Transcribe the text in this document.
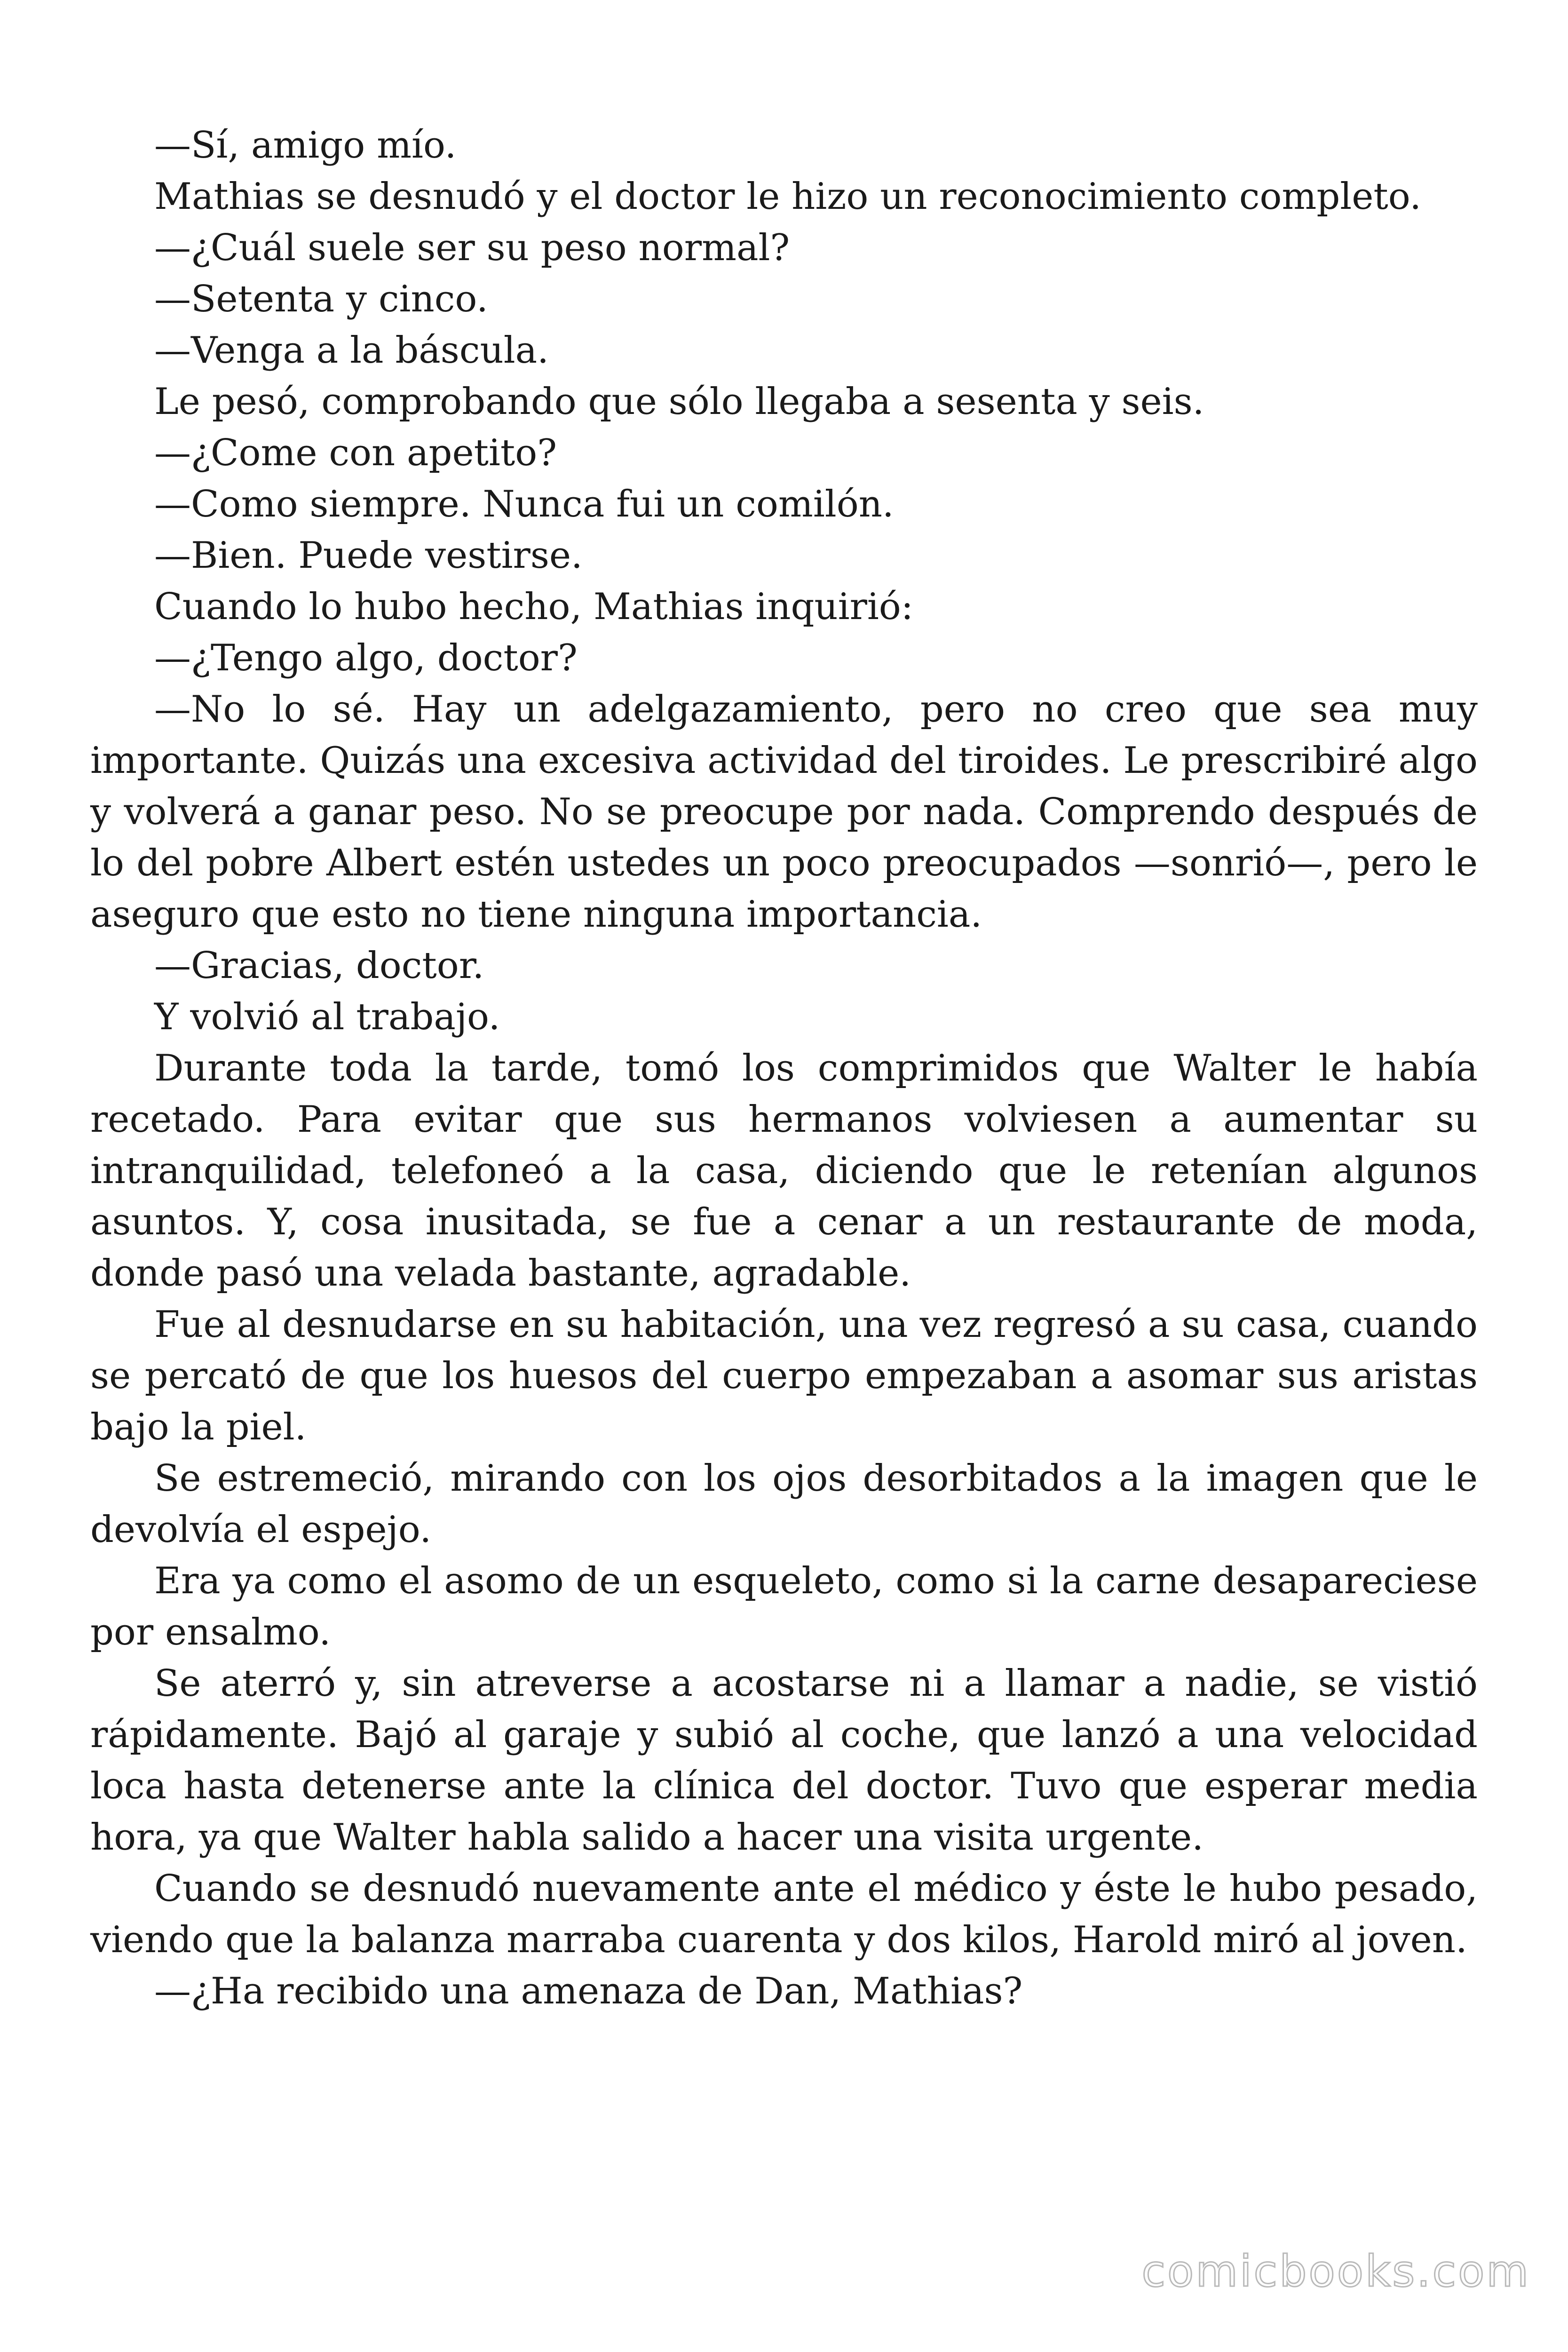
—Sí, amigo mío.

Mathias se desnudó y el doctor le hizo un reconocimiento completo.

—¿Cuál suele ser su peso normal?

—Setenta y cinco.

—Venga a la báscula.

Le pesó, comprobando que sólo llegaba a sesenta y seis.

—¿Come con apetito?

—Como siempre. Nunca fui un comilón.

—Bien. Puede vestirse.

Cuando lo hubo hecho, Mathias inquirió:

—¿Tengo algo, doctor?

—No lo sé. Hay un adelgazamiento, pero no creo que sea muy importante. Quizás una excesiva actividad del tiroides. Le prescribiré algo y volverá a ganar peso. No se preocupe por nada. Comprendo después de lo del pobre Albert estén ustedes un poco preocupados —sonrió—, pero le aseguro que esto no tiene ninguna importancia.

—Gracias, doctor.

Y volvió al trabajo.

Durante toda la tarde, tomó los comprimidos que Walter le había recetado. Para evitar que sus hermanos volviesen a aumentar su intranquilidad, telefoneó a la casa, diciendo que le retenían algunos asuntos. Y, cosa inusitada, se fue a cenar a un restaurante de moda, donde pasó una velada bastante, agradable.

Fue al desnudarse en su habitación, una vez regresó a su casa, cuando se percató de que los huesos del cuerpo empezaban a asomar sus aristas bajo la piel.

Se estremeció, mirando con los ojos desorbitados a la imagen que le devolvía el espejo.

Era ya como el asomo de un esqueleto, como si la carne desapareciese por ensalmo.

Se aterró y, sin atreverse a acostarse ni a llamar a nadie, se vistió rápidamente. Bajó al garaje y subió al coche, que lanzó a una velocidad loca hasta detenerse ante la clínica del doctor. Tuvo que esperar media hora, ya que Walter habla salido a hacer una visita urgente.

Cuando se desnudó nuevamente ante el médico y éste le hubo pesado, viendo que la balanza marraba cuarenta y dos kilos, Harold miró al joven.

—¿Ha recibido una amenaza de Dan, Mathias?

comicbooks.com
